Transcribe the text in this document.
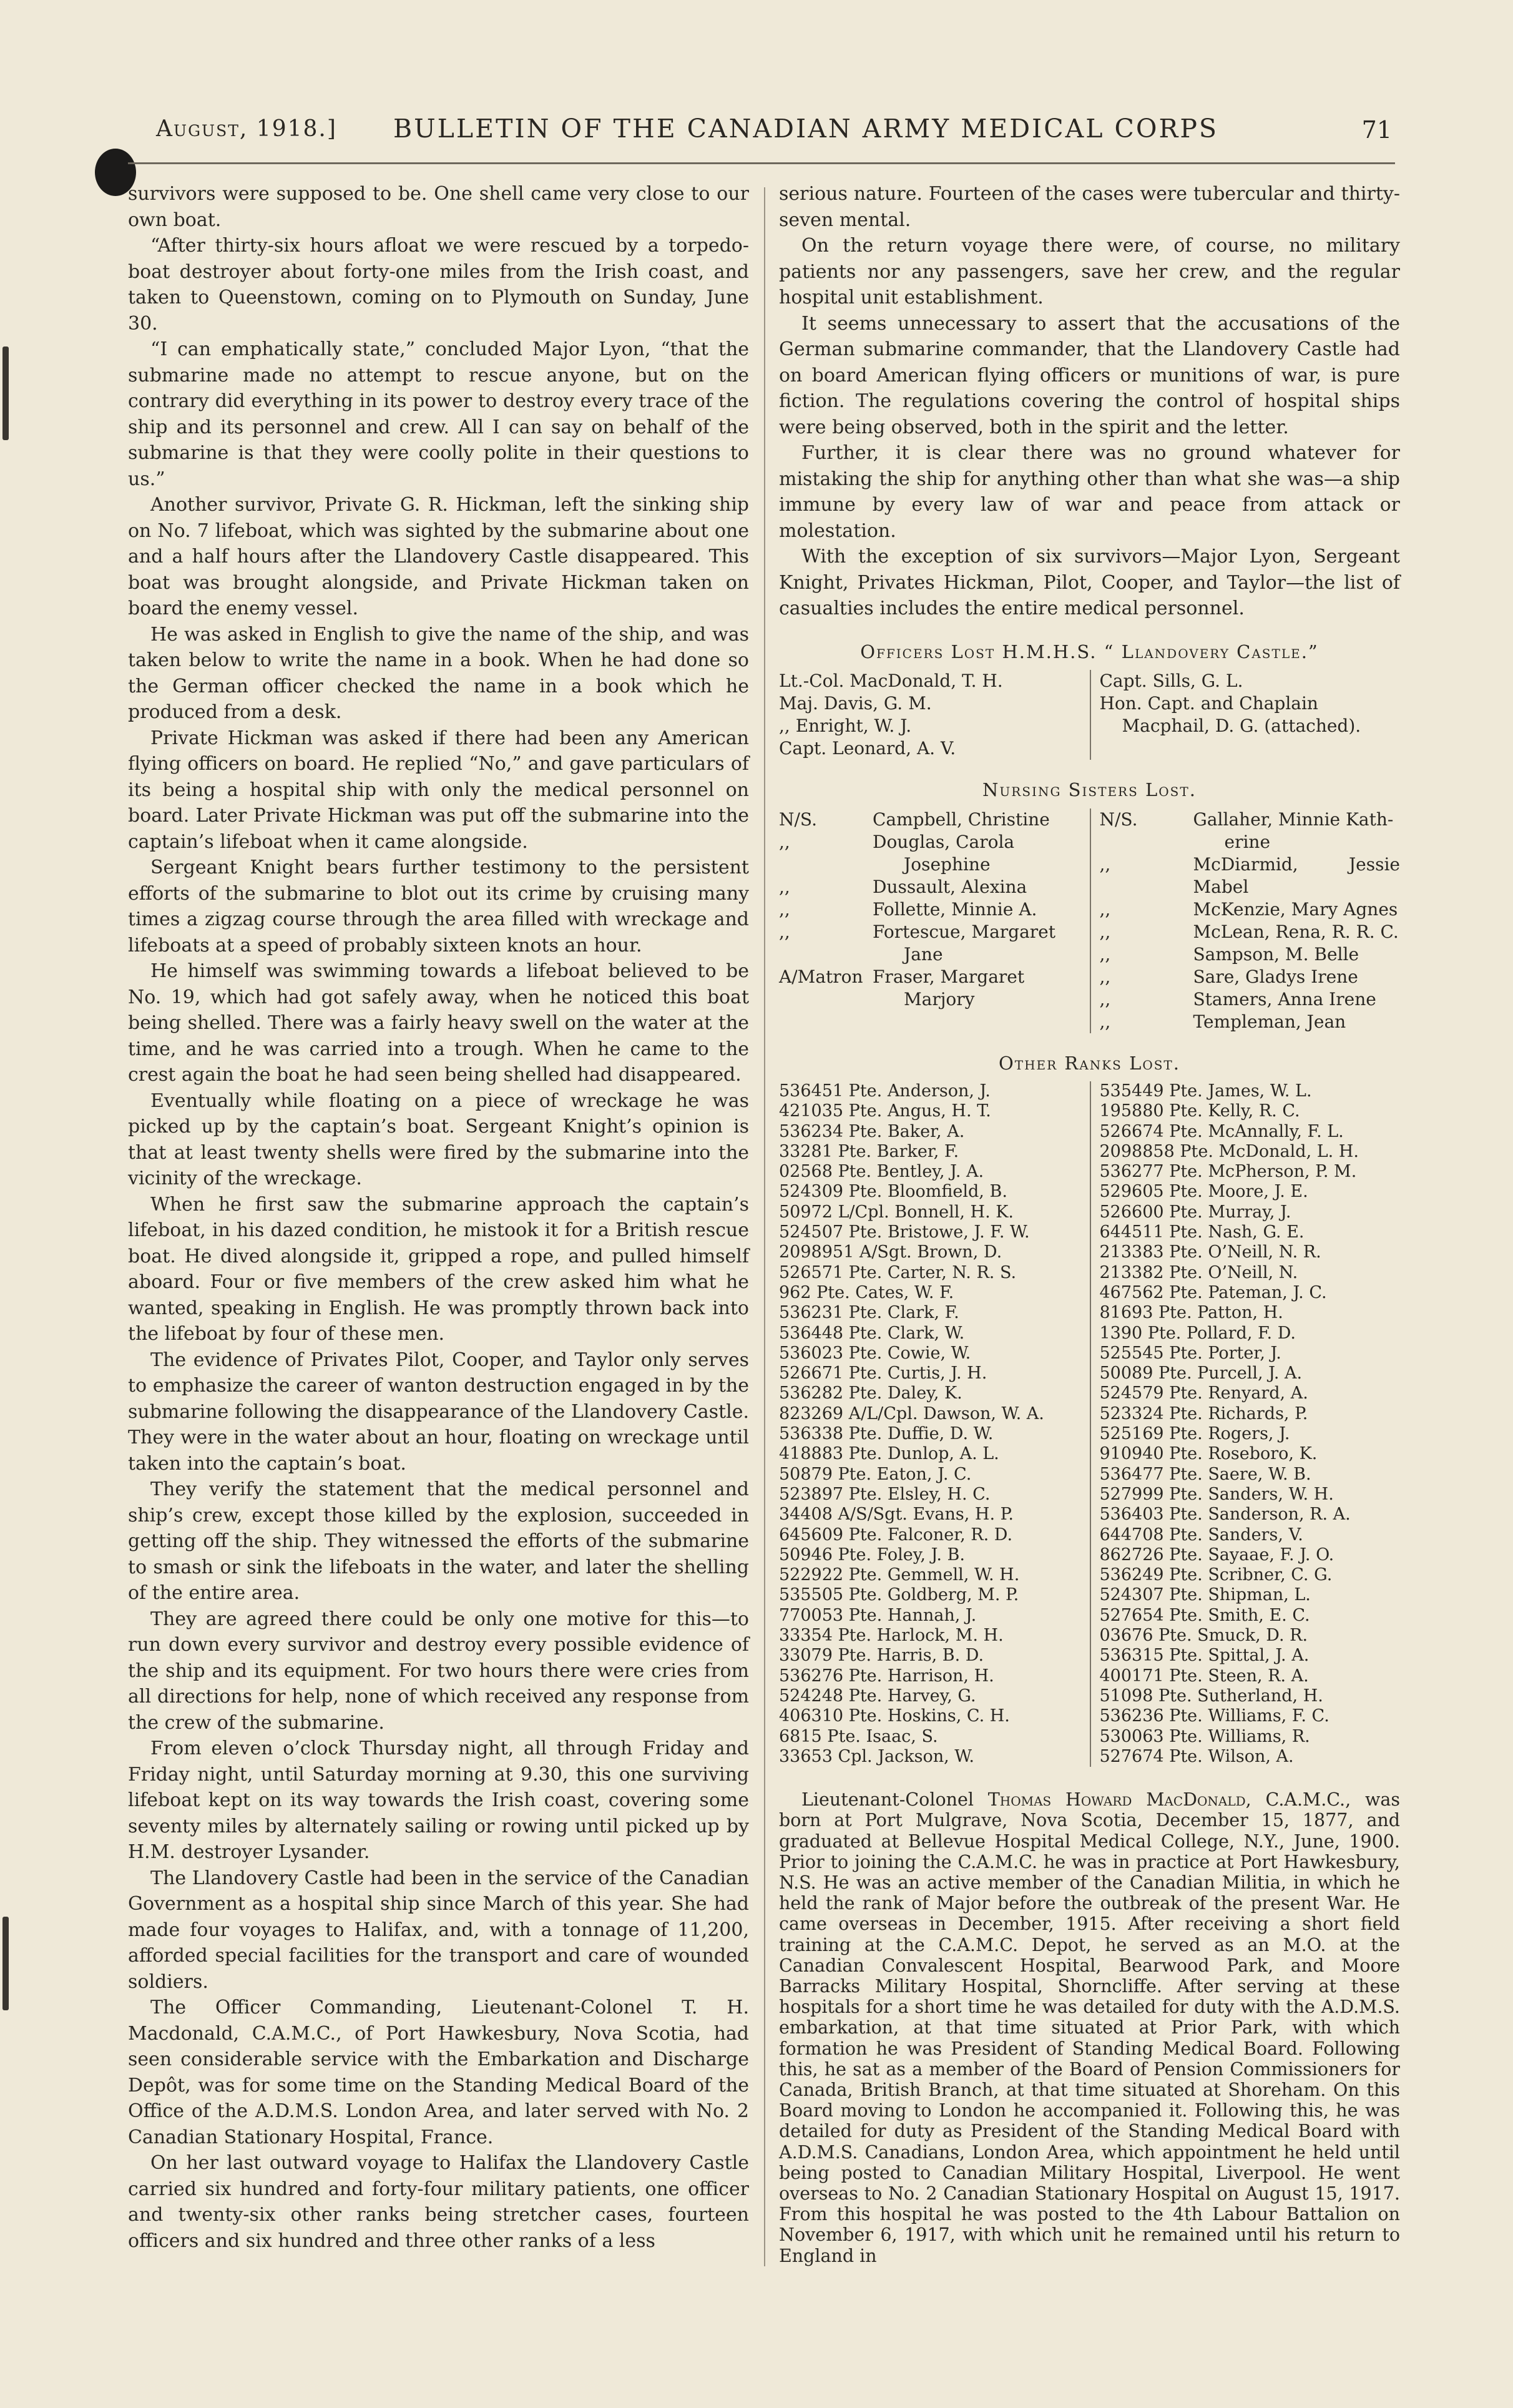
August, 1918.] BULLETIN OF THE CANADIAN ARMY MEDICAL CORPS	71

survivors were supposed to be. One shell came very close to our own boat.

“After thirty-six hours afloat we were rescued by a torpedo-boat destroyer about forty-one miles from the Irish coast, and taken to Queenstown, coming on to Plymouth on Sunday, June 30.

“I can emphatically state,” concluded Major Lyon, “that the submarine made no attempt to rescue anyone, but on the contrary did everything in its power to destroy every trace of the ship and its personnel and crew. All I can say on behalf of the submarine is that they were coolly polite in their questions to us.”

Another survivor, Private G. R. Hickman, left the sinking ship on No. 7 lifeboat, which was sighted by the submarine about one and a half hours after the Llandovery Castle disappeared. This boat was brought alongside, and Private Hickman taken on board the enemy vessel.

He was asked in English to give the name of the ship, and was taken below to write the name in a book. When he had done so the German officer checked the name in a book which he produced from a desk.

Private Hickman was asked if there had been any American flying officers on board. He replied “No,” and gave particulars of its being a hospital ship with only the medical personnel on board. Later Private Hickman was put off the submarine into the captain’s lifeboat when it came alongside.

Sergeant Knight bears further testimony to the persistent efforts of the submarine to blot out its crime by cruising many times a zigzag course through the area filled with wreckage and lifeboats at a speed of probably sixteen knots an hour.

He himself was swimming towards a lifeboat believed to be No. 19, which had got safely away, when he noticed this boat being shelled. There was a fairly heavy swell on the water at the time, and he was carried into a trough. When he came to the crest again the boat he had seen being shelled had disappeared.

Eventually while floating on a piece of wreckage he was picked up by the captain’s boat. Sergeant Knight’s opinion is that at least twenty shells were fired by the submarine into the vicinity of the wreckage.

When he first saw the submarine approach the captain’s lifeboat, in his dazed condition, he mistook it for a British rescue boat. He dived alongside it, gripped a rope, and pulled himself aboard. Four or five members of the crew asked him what he wanted, speaking in English. He was promptly thrown back into the lifeboat by four of these men.

The evidence of Privates Pilot, Cooper, and Taylor only serves to emphasize the career of wanton destruction engaged in by the submarine following the disappearance of the Llandovery Castle. They were in the water about an hour, floating on wreckage until taken into the captain’s boat.

They verify the statement that the medical personnel and ship’s crew, except those killed by the explosion, succeeded in getting off the ship. They witnessed the efforts of the submarine to smash or sink the lifeboats in the water, and later the shelling of the entire area.

They are agreed there could be only one motive for this—to run down every survivor and destroy every possible evidence of the ship and its equipment. For two hours there were cries from all directions for help, none of which received any response from the crew of the submarine.

From eleven o’clock Thursday night, all through Friday and Friday night, until Saturday morning at 9.30, this one surviving lifeboat kept on its way towards the Irish coast, covering some seventy miles by alternately sailing or rowing until picked up by H.M. destroyer Lysander.

The Llandovery Castle had been in the service of the Canadian Government as a hospital ship since March of this year. She had made four voyages to Halifax, and, with a tonnage of 11,200, afforded special facilities for the transport and care of wounded soldiers.

The Officer Commanding, Lieutenant-Colonel T. H. Macdonald, C.A.M.C., of Port Hawkesbury, Nova Scotia, had seen considerable service with the Embarkation and Discharge Depôt, was for some time on the Standing Medical Board of the Office of the A.D.M.S. London Area, and later served with No. 2 Canadian Stationary Hospital, France.

On her last outward voyage to Halifax the Llandovery Castle carried six hundred and forty-four military patients, one officer and twenty-six other ranks being stretcher cases, fourteen officers and six hundred and three other ranks of a less

serious nature. Fourteen of the cases were tubercular and thirty-seven mental.

On the return voyage there were, of course, no military patients nor any passengers, save her crew, and the regular hospital unit establishment.

It seems unnecessary to assert that the accusations of the German submarine commander, that the Llandovery Castle had on board American flying officers or munitions of war, is pure fiction. The regulations covering the control of hospital ships were being observed, both in the spirit and the letter.

Further, it is clear there was no ground whatever for mistaking the ship for anything other than what she was—a ship immune by every law of war and peace from attack or molestation.

With the exception of six survivors—Major Lyon, Sergeant Knight, Privates Hickman, Pilot, Cooper, and Taylor—the list of casualties includes the entire medical personnel.

Officers Lost H.M.H.S. “ Llandovery Castle.”
Lt.-Col. MacDonald, T. H.
Maj. Davis, G. M.
,, Enright, W. J.
Capt. Leonard, A. V.
Capt. Sills, G. L.
Hon. Capt. and Chaplain
Macphail, D. G. (attached).
Nursing Sisters Lost.
N/S.	Campbell, Christine
,,	Douglas, Carola
Josephine
,,	Dussault, Alexina
,,	Follette, Minnie A.
,,	Fortescue, Margaret
Jane
A/Matron Fraser, Margaret
Marjory
N/S.	Gallaher, Minnie Kath-
erine
,,	McDiarmid, Jessie Mabel
,,	McKenzie, Mary Agnes
,,	McLean, Rena, R. R. C.
,,	Sampson, M. Belle
,,	Sare, Gladys Irene
,,	Stamers, Anna Irene
,,	Templeman, Jean
Other Ranks Lost.
536451 Pte. Anderson, J.
421035 Pte. Angus, H. T.
536234 Pte. Baker, A.
33281 Pte. Barker, F.
02568 Pte. Bentley, J. A.
524309 Pte. Bloomfield, B.
50972 L/Cpl. Bonnell, H. K.
524507 Pte. Bristowe, J. F. W.
2098951 A/Sgt. Brown, D.
526571 Pte. Carter, N. R. S.
962 Pte. Cates, W. F.
536231 Pte. Clark, F.
536448 Pte. Clark, W.
536023 Pte. Cowie, W.
526671 Pte. Curtis, J. H.
536282 Pte. Daley, K.
823269 A/L/Cpl. Dawson, W. A.
536338 Pte. Duffie, D. W.
418883 Pte. Dunlop, A. L.
50879 Pte. Eaton, J. C.
523897 Pte. Elsley, H. C.
34408 A/S/Sgt. Evans, H. P.
645609 Pte. Falconer, R. D.
50946 Pte. Foley, J. B.
522922 Pte. Gemmell, W. H.
535505 Pte. Goldberg, M. P.
770053 Pte. Hannah, J.
33354 Pte. Harlock, M. H.
33079 Pte. Harris, B. D.
536276 Pte. Harrison, H.
524248 Pte. Harvey, G.
406310 Pte. Hoskins, C. H.
6815 Pte. Isaac, S.
33653 Cpl. Jackson, W.
535449 Pte. James, W. L.
195880 Pte. Kelly, R. C.
526674 Pte. McAnnally, F. L.
2098858 Pte. McDonald, L. H.
536277 Pte. McPherson, P. M.
529605 Pte. Moore, J. E.
526600 Pte. Murray, J.
644511 Pte. Nash, G. E.
213383 Pte. O’Neill, N. R.
213382 Pte. O’Neill, N.
467562 Pte. Pateman, J. C.
81693 Pte. Patton, H.
1390 Pte. Pollard, F. D.
525545 Pte. Porter, J.
50089 Pte. Purcell, J. A.
524579 Pte. Renyard, A.
523324 Pte. Richards, P.
525169 Pte. Rogers, J.
910940 Pte. Roseboro, K.
536477 Pte. Saere, W. B.
527999 Pte. Sanders, W. H.
536403 Pte. Sanderson, R. A.
644708 Pte. Sanders, V.
862726 Pte. Sayaae, F. J. O.
536249 Pte. Scribner, C. G.
524307 Pte. Shipman, L.
527654 Pte. Smith, E. C.
03676 Pte. Smuck, D. R.
536315 Pte. Spittal, J. A.
400171 Pte. Steen, R. A.
51098 Pte. Sutherland, H.
536236 Pte. Williams, F. C.
530063 Pte. Williams, R.
527674 Pte. Wilson, A.

Lieutenant-Colonel Thomas Howard MacDonald, C.A.M.C., was born at Port Mulgrave, Nova Scotia, December 15, 1877, and graduated at Bellevue Hospital Medical College, N.Y., June, 1900. Prior to joining the C.A.M.C. he was in practice at Port Hawkesbury, N.S. He was an active member of the Canadian Militia, in which he held the rank of Major before the outbreak of the present War. He came overseas in December, 1915. After receiving a short field training at the C.A.M.C. Depot, he served as an M.O. at the Canadian Convalescent Hospital, Bearwood Park, and Moore Barracks Military Hospital, Shorncliffe. After serving at these hospitals for a short time he was detailed for duty with the A.D.M.S. embarkation, at that time situated at Prior Park, with which formation he was President of Standing Medical Board. Following this, he sat as a member of the Board of Pension Commissioners for Canada, British Branch, at that time situated at Shoreham. On this Board moving to London he accompanied it. Following this, he was detailed for duty as President of the Standing Medical Board with A.D.M.S. Canadians, London Area, which appointment he held until being posted to Canadian Military Hospital, Liverpool. He went overseas to No. 2 Canadian Stationary Hospital on August 15, 1917. From this hospital he was posted to the 4th Labour Battalion on November 6, 1917, with which unit he remained until his return to England in
